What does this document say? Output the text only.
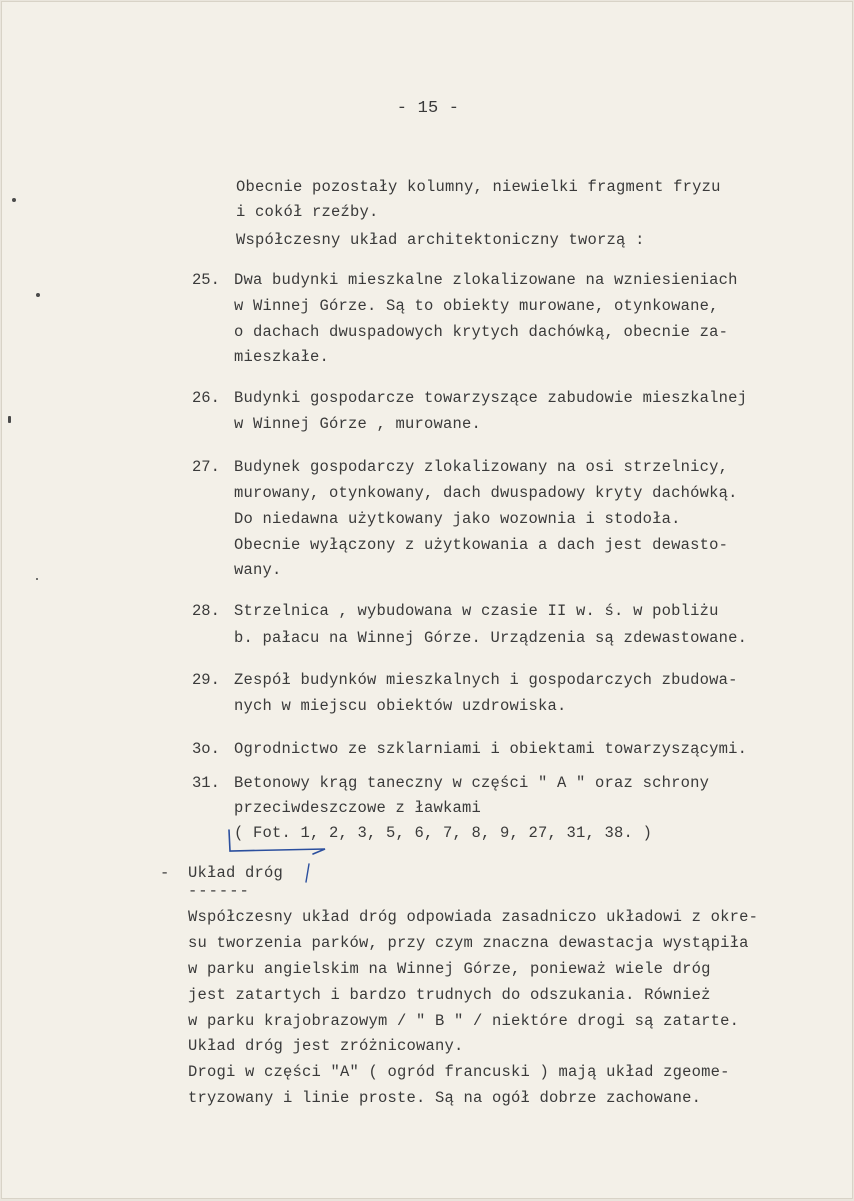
- 15 -
Obecnie pozostały kolumny, niewielki fragment fryzu
i cokół rzeźby.
Współczesny układ architektoniczny tworzą :
25. Dwa budynki mieszkalne zlokalizowane na wzniesieniach
w Winnej Górze. Są to obiekty murowane, otynkowane,
o dachach dwuspadowych krytych dachówką, obecnie za-
mieszkałe.
26. Budynki gospodarcze towarzyszące zabudowie mieszkalnej
w Winnej Górze , murowane.
27. Budynek gospodarczy zlokalizowany na osi strzelnicy,
murowany, otynkowany, dach dwuspadowy kryty dachówką.
Do niedawna użytkowany jako wozownia i stodoła.
Obecnie wyłączony z użytkowania a dach jest dewasto-
wany.
28. Strzelnica , wybudowana w czasie II w. ś. w pobliżu
b. pałacu na Winnej Górze. Urządzenia są zdewastowane.
29. Zespół budynków mieszkalnych i gospodarczych zbudowa-
nych w miejscu obiektów uzdrowiska.
3o. Ogrodnictwo ze szklarniami i obiektami towarzyszącymi.
31. Betonowy krąg taneczny w części " A " oraz schrony
przeciwdeszczowe z ławkami
( Fot. 1, 2, 3, 5, 6, 7, 8, 9, 27, 31, 38. )
- Układ dróg
------
Współczesny układ dróg odpowiada zasadniczo układowi z okre-
su tworzenia parków, przy czym znaczna dewastacja wystąpiła
w parku angielskim na Winnej Górze, ponieważ wiele dróg
jest zatartych i bardzo trudnych do odszukania. Również
w parku krajobrazowym / " B " / niektóre drogi są zatarte.
Układ dróg jest zróżnicowany.
Drogi w części "A" ( ogród francuski ) mają układ zgeome-
tryzowany i linie proste. Są na ogół dobrze zachowane.
